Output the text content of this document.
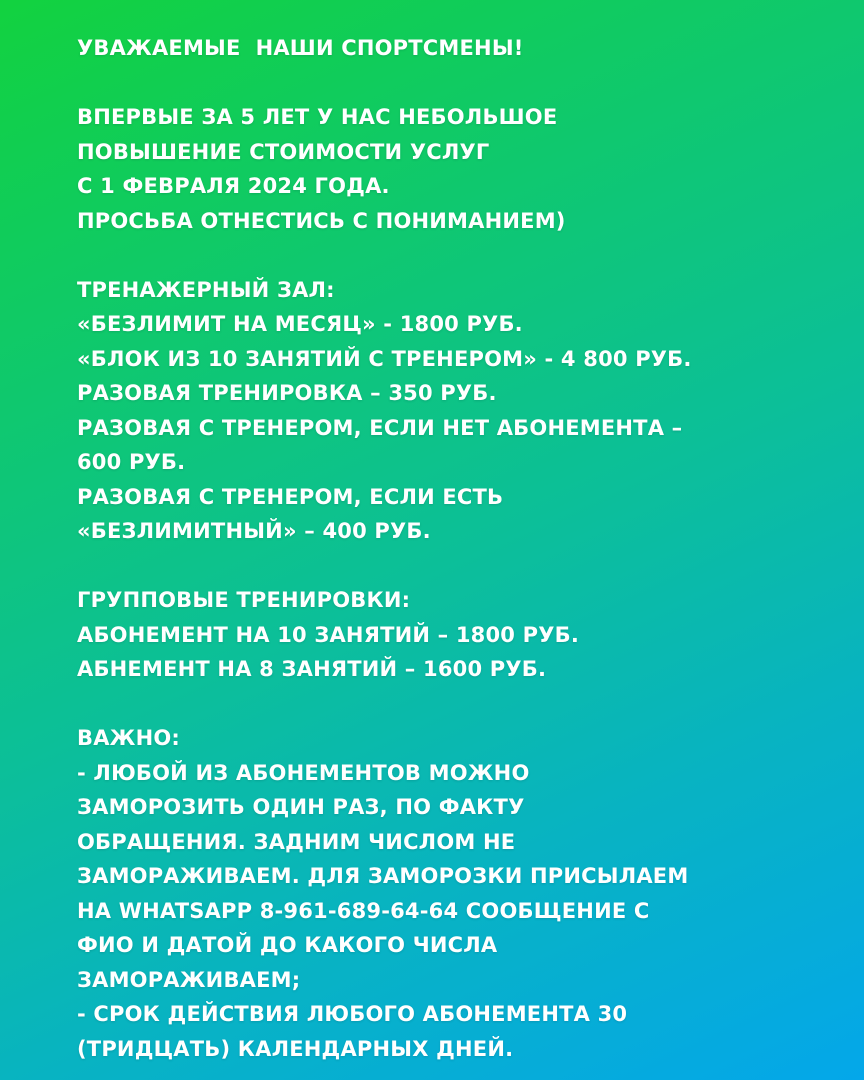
УВАЖАЕМЫЕ  НАШИ СПОРТСМЕНЫ!
ВПЕРВЫЕ ЗА 5 ЛЕТ У НАС НЕБОЛЬШОЕ
ПОВЫШЕНИЕ СТОИМОСТИ УСЛУГ
С 1 ФЕВРАЛЯ 2024 ГОДА.
ПРОСЬБА ОТНЕСТИСЬ С ПОНИМАНИЕМ)
ТРЕНАЖЕРНЫЙ ЗАЛ:
«БЕЗЛИМИТ НА МЕСЯЦ» - 1800 РУБ.
«БЛОК ИЗ 10 ЗАНЯТИЙ С ТРЕНЕРОМ» - 4 800 РУБ.
РАЗОВАЯ ТРЕНИРОВКА – 350 РУБ.
РАЗОВАЯ С ТРЕНЕРОМ, ЕСЛИ НЕТ АБОНЕМЕНТА –
600 РУБ.
РАЗОВАЯ С ТРЕНЕРОМ, ЕСЛИ ЕСТЬ
«БЕЗЛИМИТНЫЙ» – 400 РУБ.
ГРУППОВЫЕ ТРЕНИРОВКИ:
АБОНЕМЕНТ НА 10 ЗАНЯТИЙ – 1800 РУБ.
АБНЕМЕНТ НА 8 ЗАНЯТИЙ – 1600 РУБ.
ВАЖНО:
- ЛЮБОЙ ИЗ АБОНЕМЕНТОВ МОЖНО
ЗАМОРОЗИТЬ ОДИН РАЗ, ПО ФАКТУ
ОБРАЩЕНИЯ. ЗАДНИМ ЧИСЛОМ НЕ
ЗАМОРАЖИВАЕМ. ДЛЯ ЗАМОРОЗКИ ПРИСЫЛАЕМ
НА WHATSAPP 8-961-689-64-64 СООБЩЕНИЕ С
ФИО И ДАТОЙ ДО КАКОГО ЧИСЛА
ЗАМОРАЖИВАЕМ;
- СРОК ДЕЙСТВИЯ ЛЮБОГО АБОНЕМЕНТА 30
(ТРИДЦАТЬ) КАЛЕНДАРНЫХ ДНЕЙ.
